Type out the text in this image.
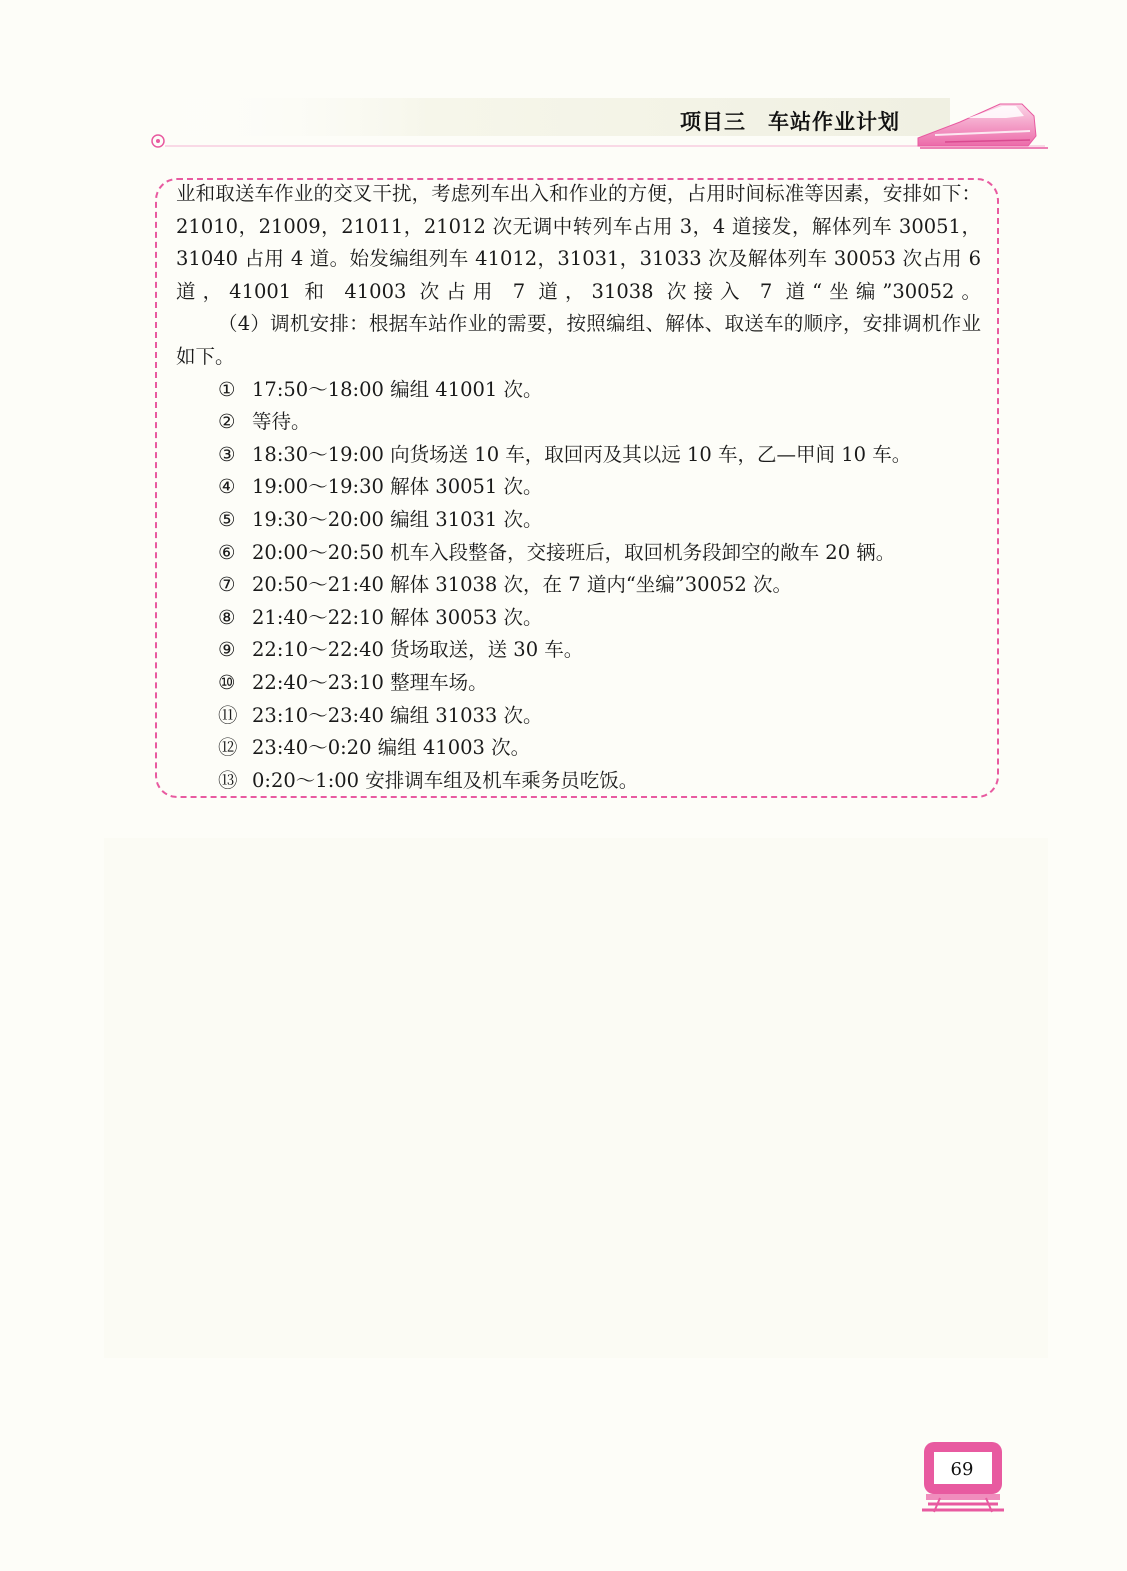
项目三 车站作业计划

业和取送车作业的交叉干扰，考虑列车出入和作业的方便，占用时间标准等因素，安排如下：21010，21009，21011，21012 次无调中转列车占用 3，4 道接发，解体列车 30051，31040 占用 4 道。始发编组列车 41012，31031，31033 次及解体列车 30053 次占用 6 道，41001 和 41003 次占用 7 道，31038 次接入 7 道“坐编”30052。

（4）调机安排：根据车站作业的需要，按照编组、解体、取送车的顺序，安排调机作业如下。

① 17:50～18:00 编组 41001 次。

② 等待。

③ 18:30～19:00 向货场送 10 车，取回丙及其以远 10 车，乙—甲间 10 车。

④ 19:00～19:30 解体 30051 次。

⑤ 19:30～20:00 编组 31031 次。

⑥ 20:00～20:50 机车入段整备，交接班后，取回机务段卸空的敞车 20 辆。

⑦ 20:50～21:40 解体 31038 次，在 7 道内“坐编”30052 次。

⑧ 21:40～22:10 解体 30053 次。

⑨ 22:10～22:40 货场取送，送 30 车。

⑩ 22:40～23:10 整理车场。

⑪ 23:10～23:40 编组 31033 次。

⑫ 23:40～0:20 编组 41003 次。

⑬ 0:20～1:00 安排调车组及机车乘务员吃饭。

69
